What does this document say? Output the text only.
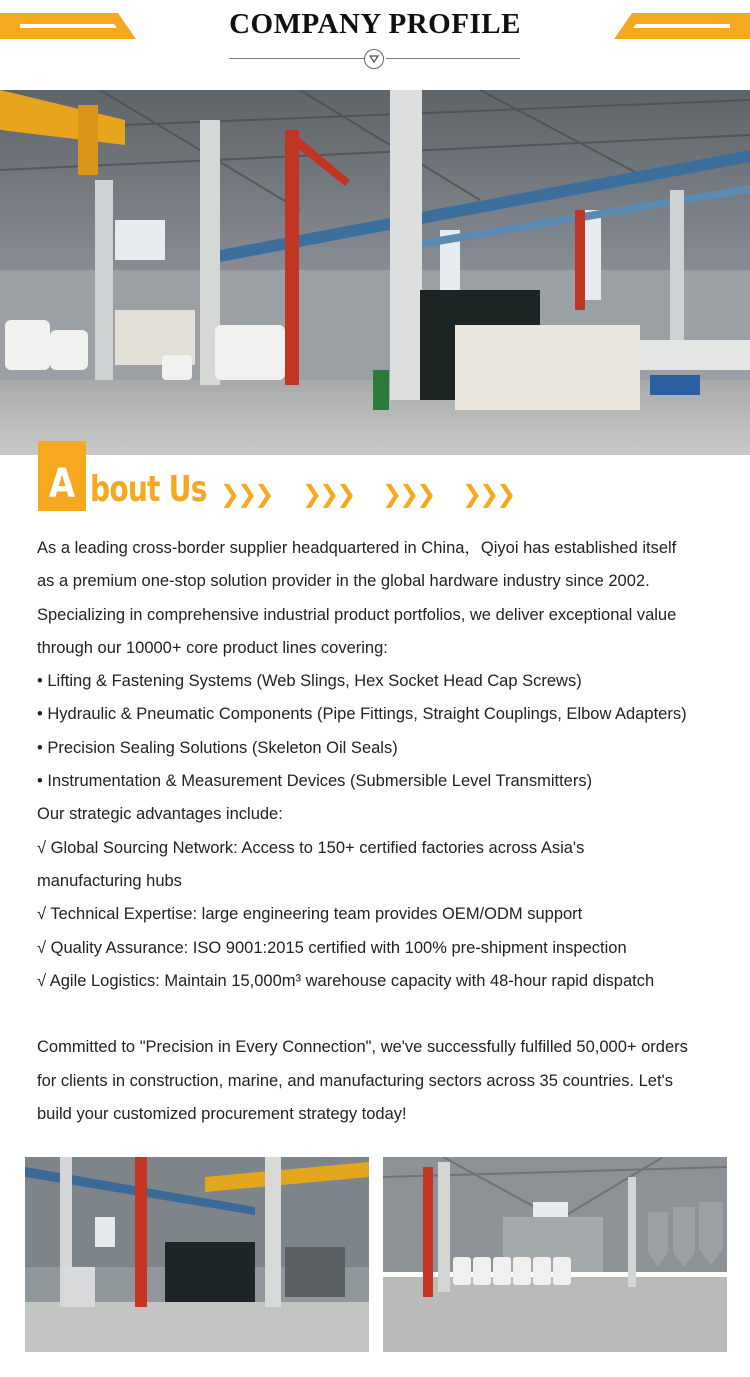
COMPANY PROFILE
A bout Us ❯❯❯ ❯❯❯ ❯❯❯ ❯❯❯
As a leading cross-border supplier headquartered in China，Qiyoi has established itself
as a premium one-stop solution provider in the global hardware industry since 2002.
Specializing in comprehensive industrial product portfolios, we deliver exceptional value
through our 10000+ core product lines covering:
• Lifting & Fastening Systems (Web Slings, Hex Socket Head Cap Screws)
• Hydraulic & Pneumatic Components (Pipe Fittings, Straight Couplings, Elbow Adapters)
• Precision Sealing Solutions (Skeleton Oil Seals)
• Instrumentation & Measurement Devices (Submersible Level Transmitters)
Our strategic advantages include:
√ Global Sourcing Network: Access to 150+ certified factories across Asia's
manufacturing hubs
√ Technical Expertise: large engineering team provides OEM/ODM support
√ Quality Assurance: ISO 9001:2015 certified with 100% pre-shipment inspection
√ Agile Logistics: Maintain 15,000m³ warehouse capacity with 48-hour rapid dispatch
Committed to "Precision in Every Connection", we've successfully fulfilled 50,000+ orders
for clients in construction, marine, and manufacturing sectors across 35 countries. Let's
build your customized procurement strategy today!
